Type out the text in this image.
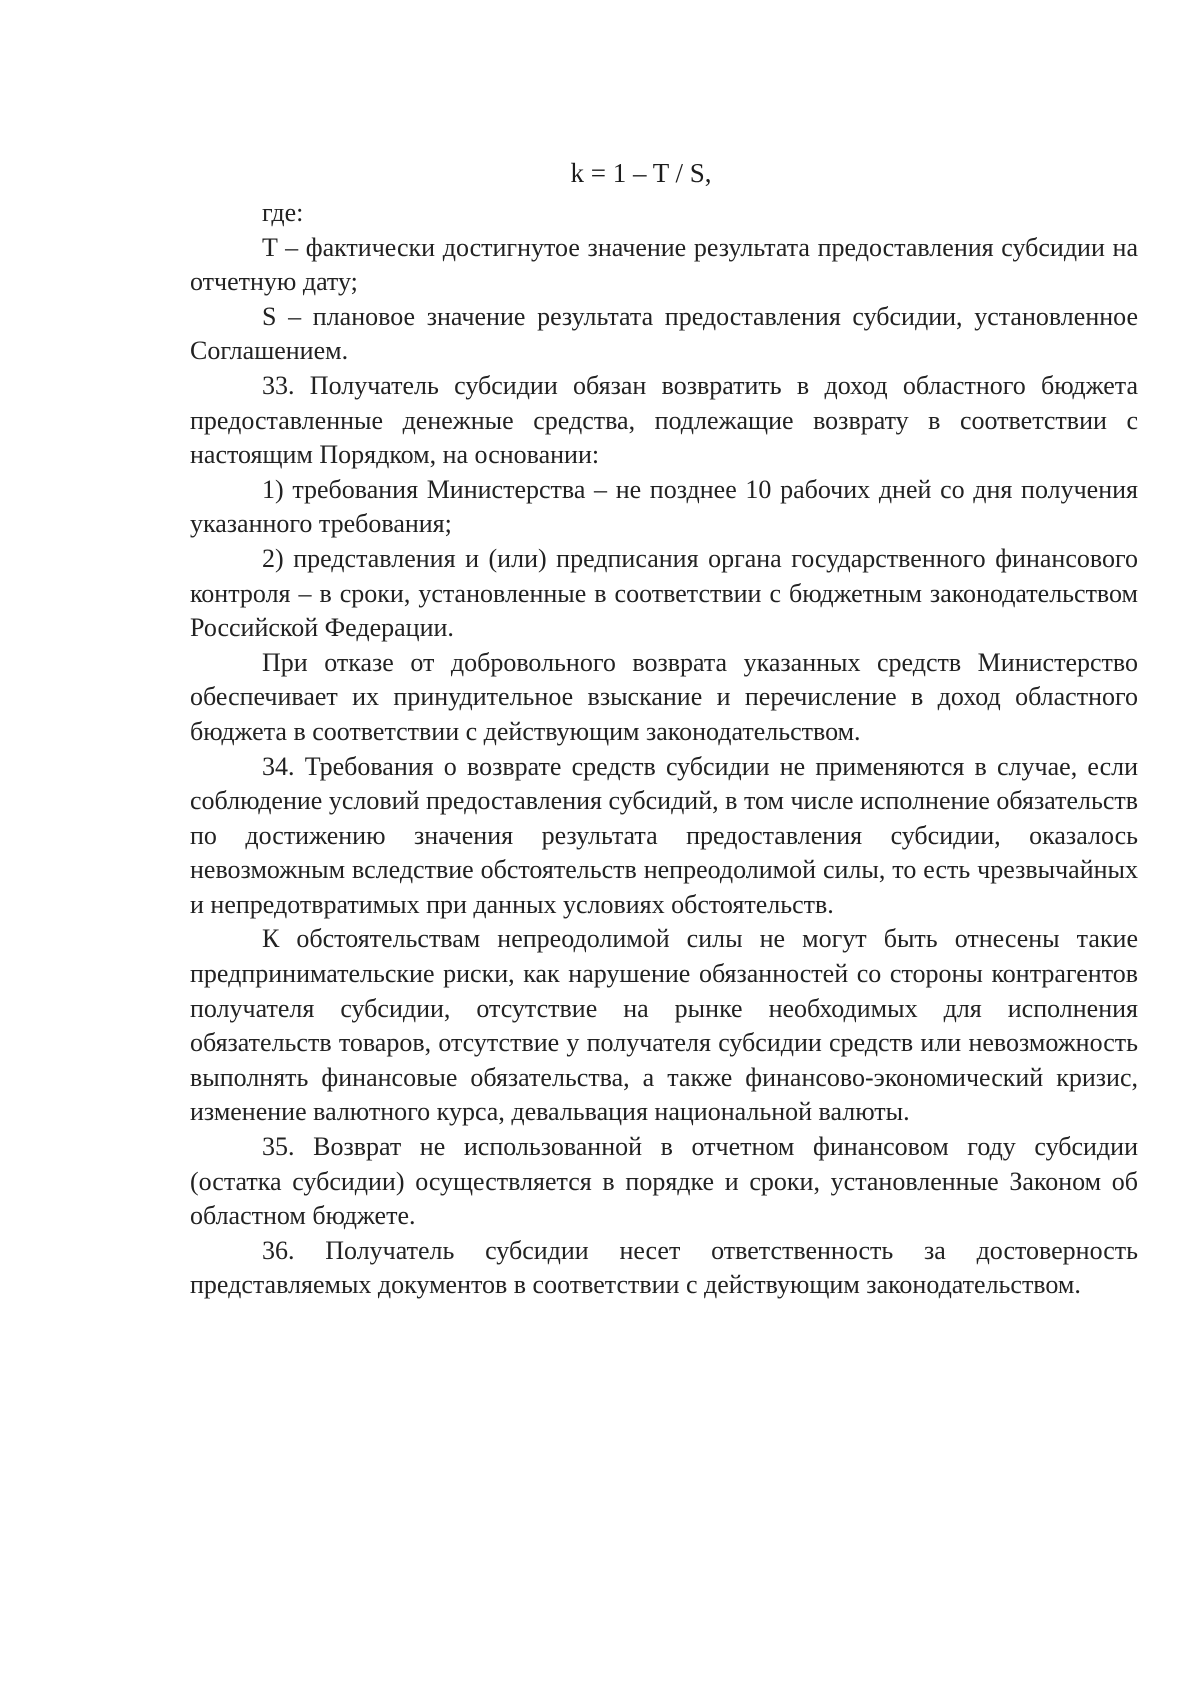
k = 1 – T / S,

где:

T – фактически достигнутое значение результата предоставления субсидии на отчетную дату;

S – плановое значение результата предоставления субсидии, установленное Соглашением.

33. Получатель субсидии обязан возвратить в доход областного бюджета предоставленные денежные средства, подлежащие возврату в соответствии с настоящим Порядком, на основании:

1) требования Министерства – не позднее 10 рабочих дней со дня получения указанного требования;

2) представления и (или) предписания органа государственного финансового контроля – в сроки, установленные в соответствии с бюджетным законодательством Российской Федерации.

При отказе от добровольного возврата указанных средств Министерство обеспечивает их принудительное взыскание и перечисление в доход областного бюджета в соответствии с действующим законодательством.

34. Требования о возврате средств субсидии не применяются в случае, если соблюдение условий предоставления субсидий, в том числе исполнение обязательств по достижению значения результата предоставления субсидии, оказалось невозможным вследствие обстоятельств непреодолимой силы, то есть чрезвычайных и непредотвратимых при данных условиях обстоятельств.

К обстоятельствам непреодолимой силы не могут быть отнесены такие предпринимательские риски, как нарушение обязанностей со стороны контрагентов получателя субсидии, отсутствие на рынке необходимых для исполнения обязательств товаров, отсутствие у получателя субсидии средств или невозможность выполнять финансовые обязательства, а также финансово-экономический кризис, изменение валютного курса, девальвация национальной валюты.

35. Возврат не использованной в отчетном финансовом году субсидии (остатка субсидии) осуществляется в порядке и сроки, установленные Законом об областном бюджете.

36. Получатель субсидии несет ответственность за достоверность представляемых документов в соответствии с действующим законодательством.
